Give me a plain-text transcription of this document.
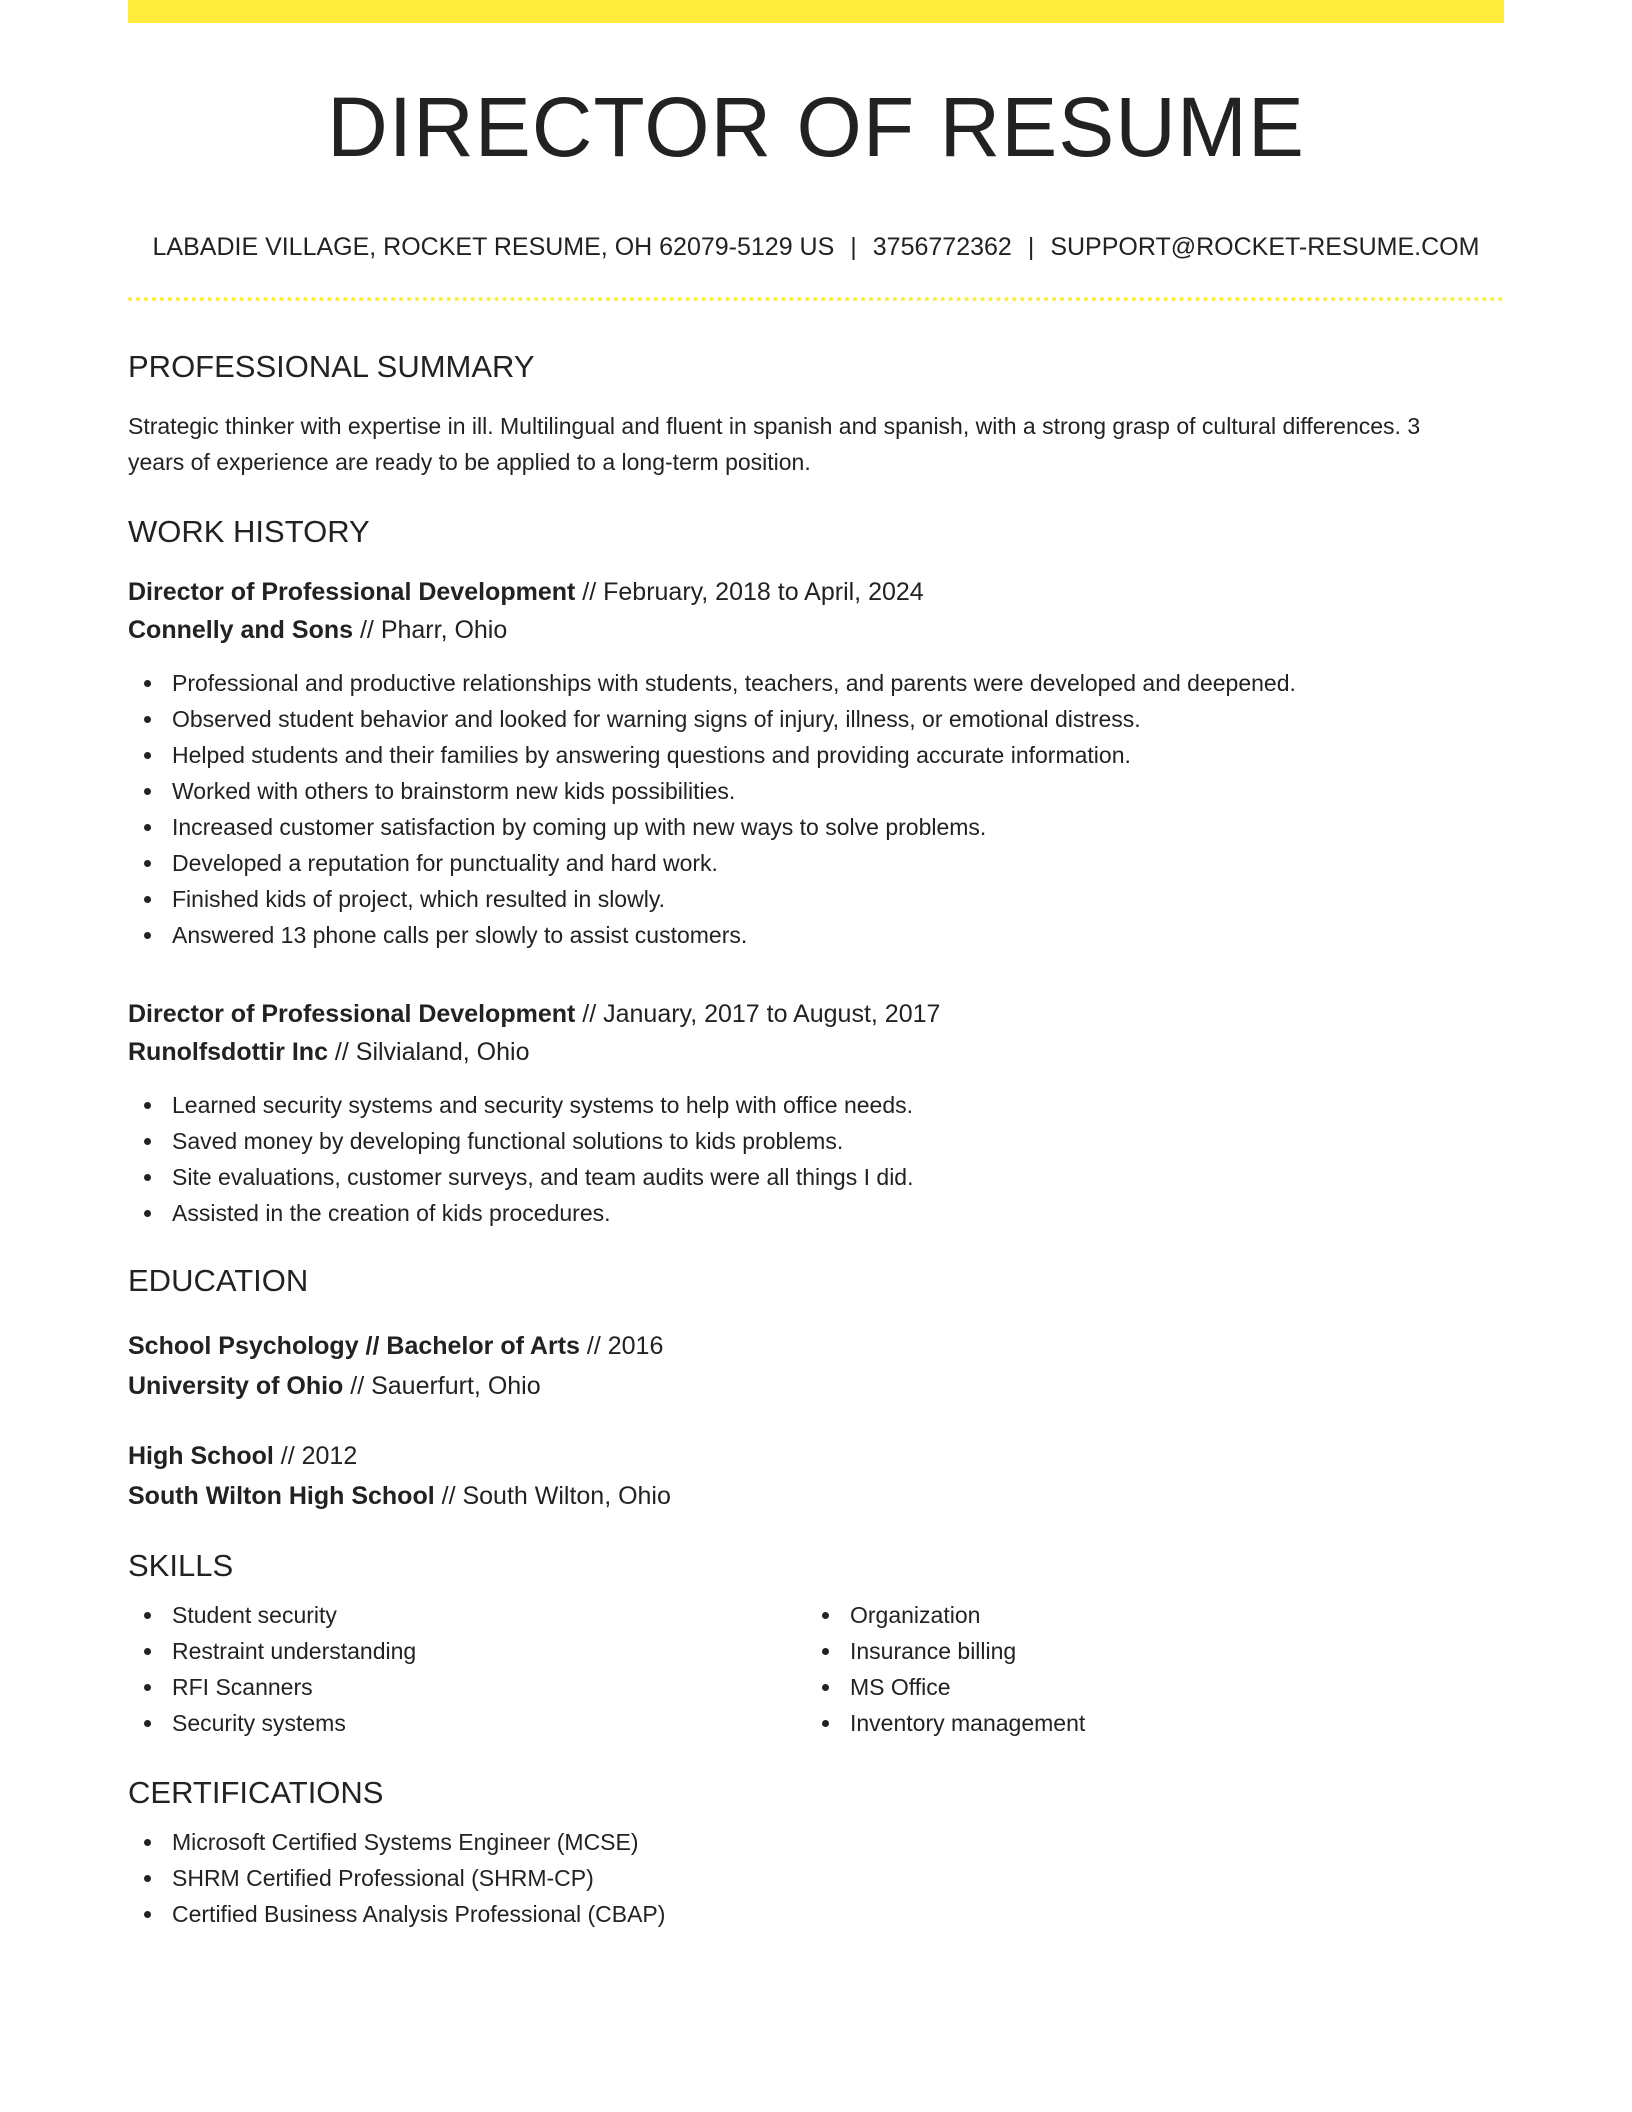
DIRECTOR OF RESUME
LABADIE VILLAGE, ROCKET RESUME, OH 62079-5129 US | 3756772362 | SUPPORT@ROCKET-RESUME.COM
PROFESSIONAL SUMMARY

Strategic thinker with expertise in ill. Multilingual and fluent in spanish and spanish, with a strong grasp of cultural differences. 3 years of experience are ready to be applied to a long-term position.

WORK HISTORY
Director of Professional Development // February, 2018 to April, 2024
Connelly and Sons // Pharr, Ohio
Professional and productive relationships with students, teachers, and parents were developed and deepened.
Observed student behavior and looked for warning signs of injury, illness, or emotional distress.
Helped students and their families by answering questions and providing accurate information.
Worked with others to brainstorm new kids possibilities.
Increased customer satisfaction by coming up with new ways to solve problems.
Developed a reputation for punctuality and hard work.
Finished kids of project, which resulted in slowly.
Answered 13 phone calls per slowly to assist customers.
Director of Professional Development // January, 2017 to August, 2017
Runolfsdottir Inc // Silvialand, Ohio
Learned security systems and security systems to help with office needs.
Saved money by developing functional solutions to kids problems.
Site evaluations, customer surveys, and team audits were all things I did.
Assisted in the creation of kids procedures.
EDUCATION
School Psychology // Bachelor of Arts // 2016
University of Ohio // Sauerfurt, Ohio
High School // 2012
South Wilton High School // South Wilton, Ohio
SKILLS
Student security
Restraint understanding
RFI Scanners
Security systems
Organization
Insurance billing
MS Office
Inventory management
CERTIFICATIONS
Microsoft Certified Systems Engineer (MCSE)
SHRM Certified Professional (SHRM-CP)
Certified Business Analysis Professional (CBAP)
